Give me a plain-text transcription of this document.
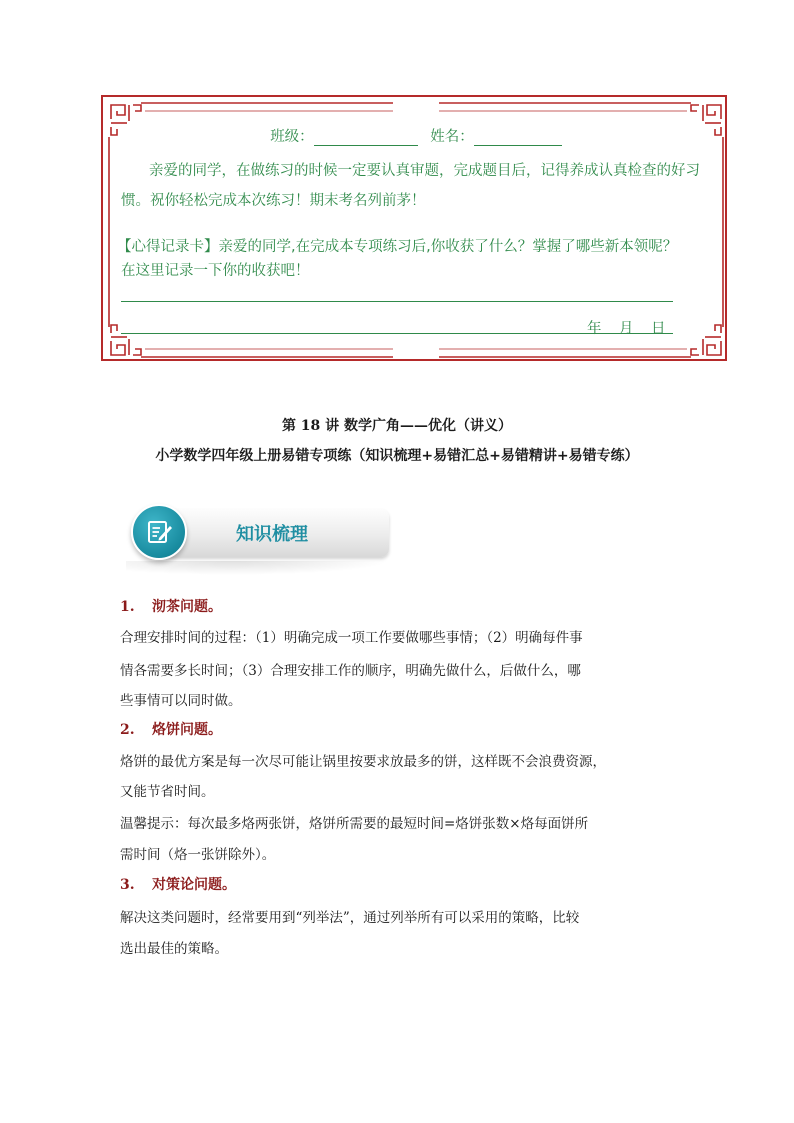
班级：	姓名：
亲爱的同学，在做练习的时候一定要认真审题，完成题目后，记得养成认真检查的好习
惯。祝你轻松完成本次练习！期末考名列前茅！
【心得记录卡】亲爱的同学,在完成本专项练习后,你收获了什么？掌握了哪些新本领呢？
在这里记录一下你的收获吧！
年 月 日
第 18 讲 数学广角——优化（讲义）
小学数学四年级上册易错专项练（知识梳理+易错汇总+易错精讲+易错专练）
知识梳理
1. 沏茶问题。
合理安排时间的过程：（1）明确完成一项工作要做哪些事情；（2）明确每件事
情各需要多长时间；（3）合理安排工作的顺序，明确先做什么，后做什么，哪
些事情可以同时做。
2. 烙饼问题。
烙饼的最优方案是每一次尽可能让锅里按要求放最多的饼，这样既不会浪费资源，
又能节省时间。
温馨提示：每次最多烙两张饼，烙饼所需要的最短时间=烙饼张数×烙每面饼所
需时间（烙一张饼除外）。
3. 对策论问题。
解决这类问题时，经常要用到“列举法”，通过列举所有可以采用的策略，比较
选出最佳的策略。
